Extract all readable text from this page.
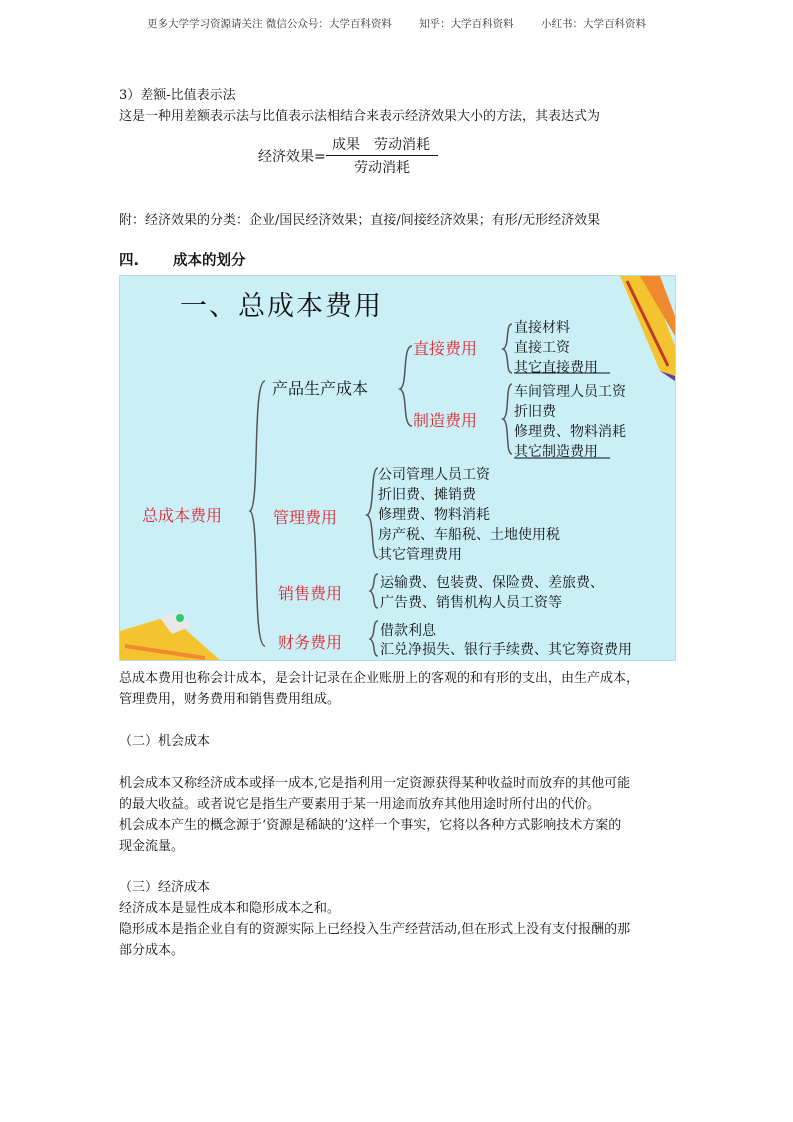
更多大学学习资源请关注 微信公众号：大学百科资料	知乎：大学百科资料	小红书：大学百科资料
3）差额-比值表示法
这是一种用差额表示法与比值表示法相结合来表示经济效果大小的方法，其表达式为
经济效果=
成果　劳动消耗
劳动消耗
附：经济效果的分类：企业/国民经济效果；直接/间接经济效果；有形/无形经济效果
四. 成本的划分
一、总成本费用
总成本费用
产品生产成本
直接费用
直接材料
直接工资
其它直接费用
制造费用
车间管理人员工资
折旧费
修理费、物料消耗
其它制造费用
管理费用
公司管理人员工资
折旧费、摊销费
修理费、物料消耗
房产税、车船税、土地使用税
其它管理费用
销售费用
运输费、包装费、保险费、差旅费、
广告费、销售机构人员工资等
财务费用
借款利息
汇兑净损失、银行手续费、其它筹资费用
总成本费用也称会计成本，是会计记录在企业账册上的客观的和有形的支出，由生产成本，
管理费用，财务费用和销售费用组成。
（二）机会成本
机会成本又称经济成本或择一成本,它是指利用一定资源获得某种收益时而放弃的其他可能
的最大收益。或者说它是指生产要素用于某一用途而放弃其他用途时所付出的代价。
机会成本产生的概念源于‘资源是稀缺的’这样一个事实，它将以各种方式影响技术方案的
现金流量。
（三）经济成本
经济成本是显性成本和隐形成本之和。
隐形成本是指企业自有的资源实际上已经投入生产经营活动,但在形式上没有支付报酬的那
部分成本。
